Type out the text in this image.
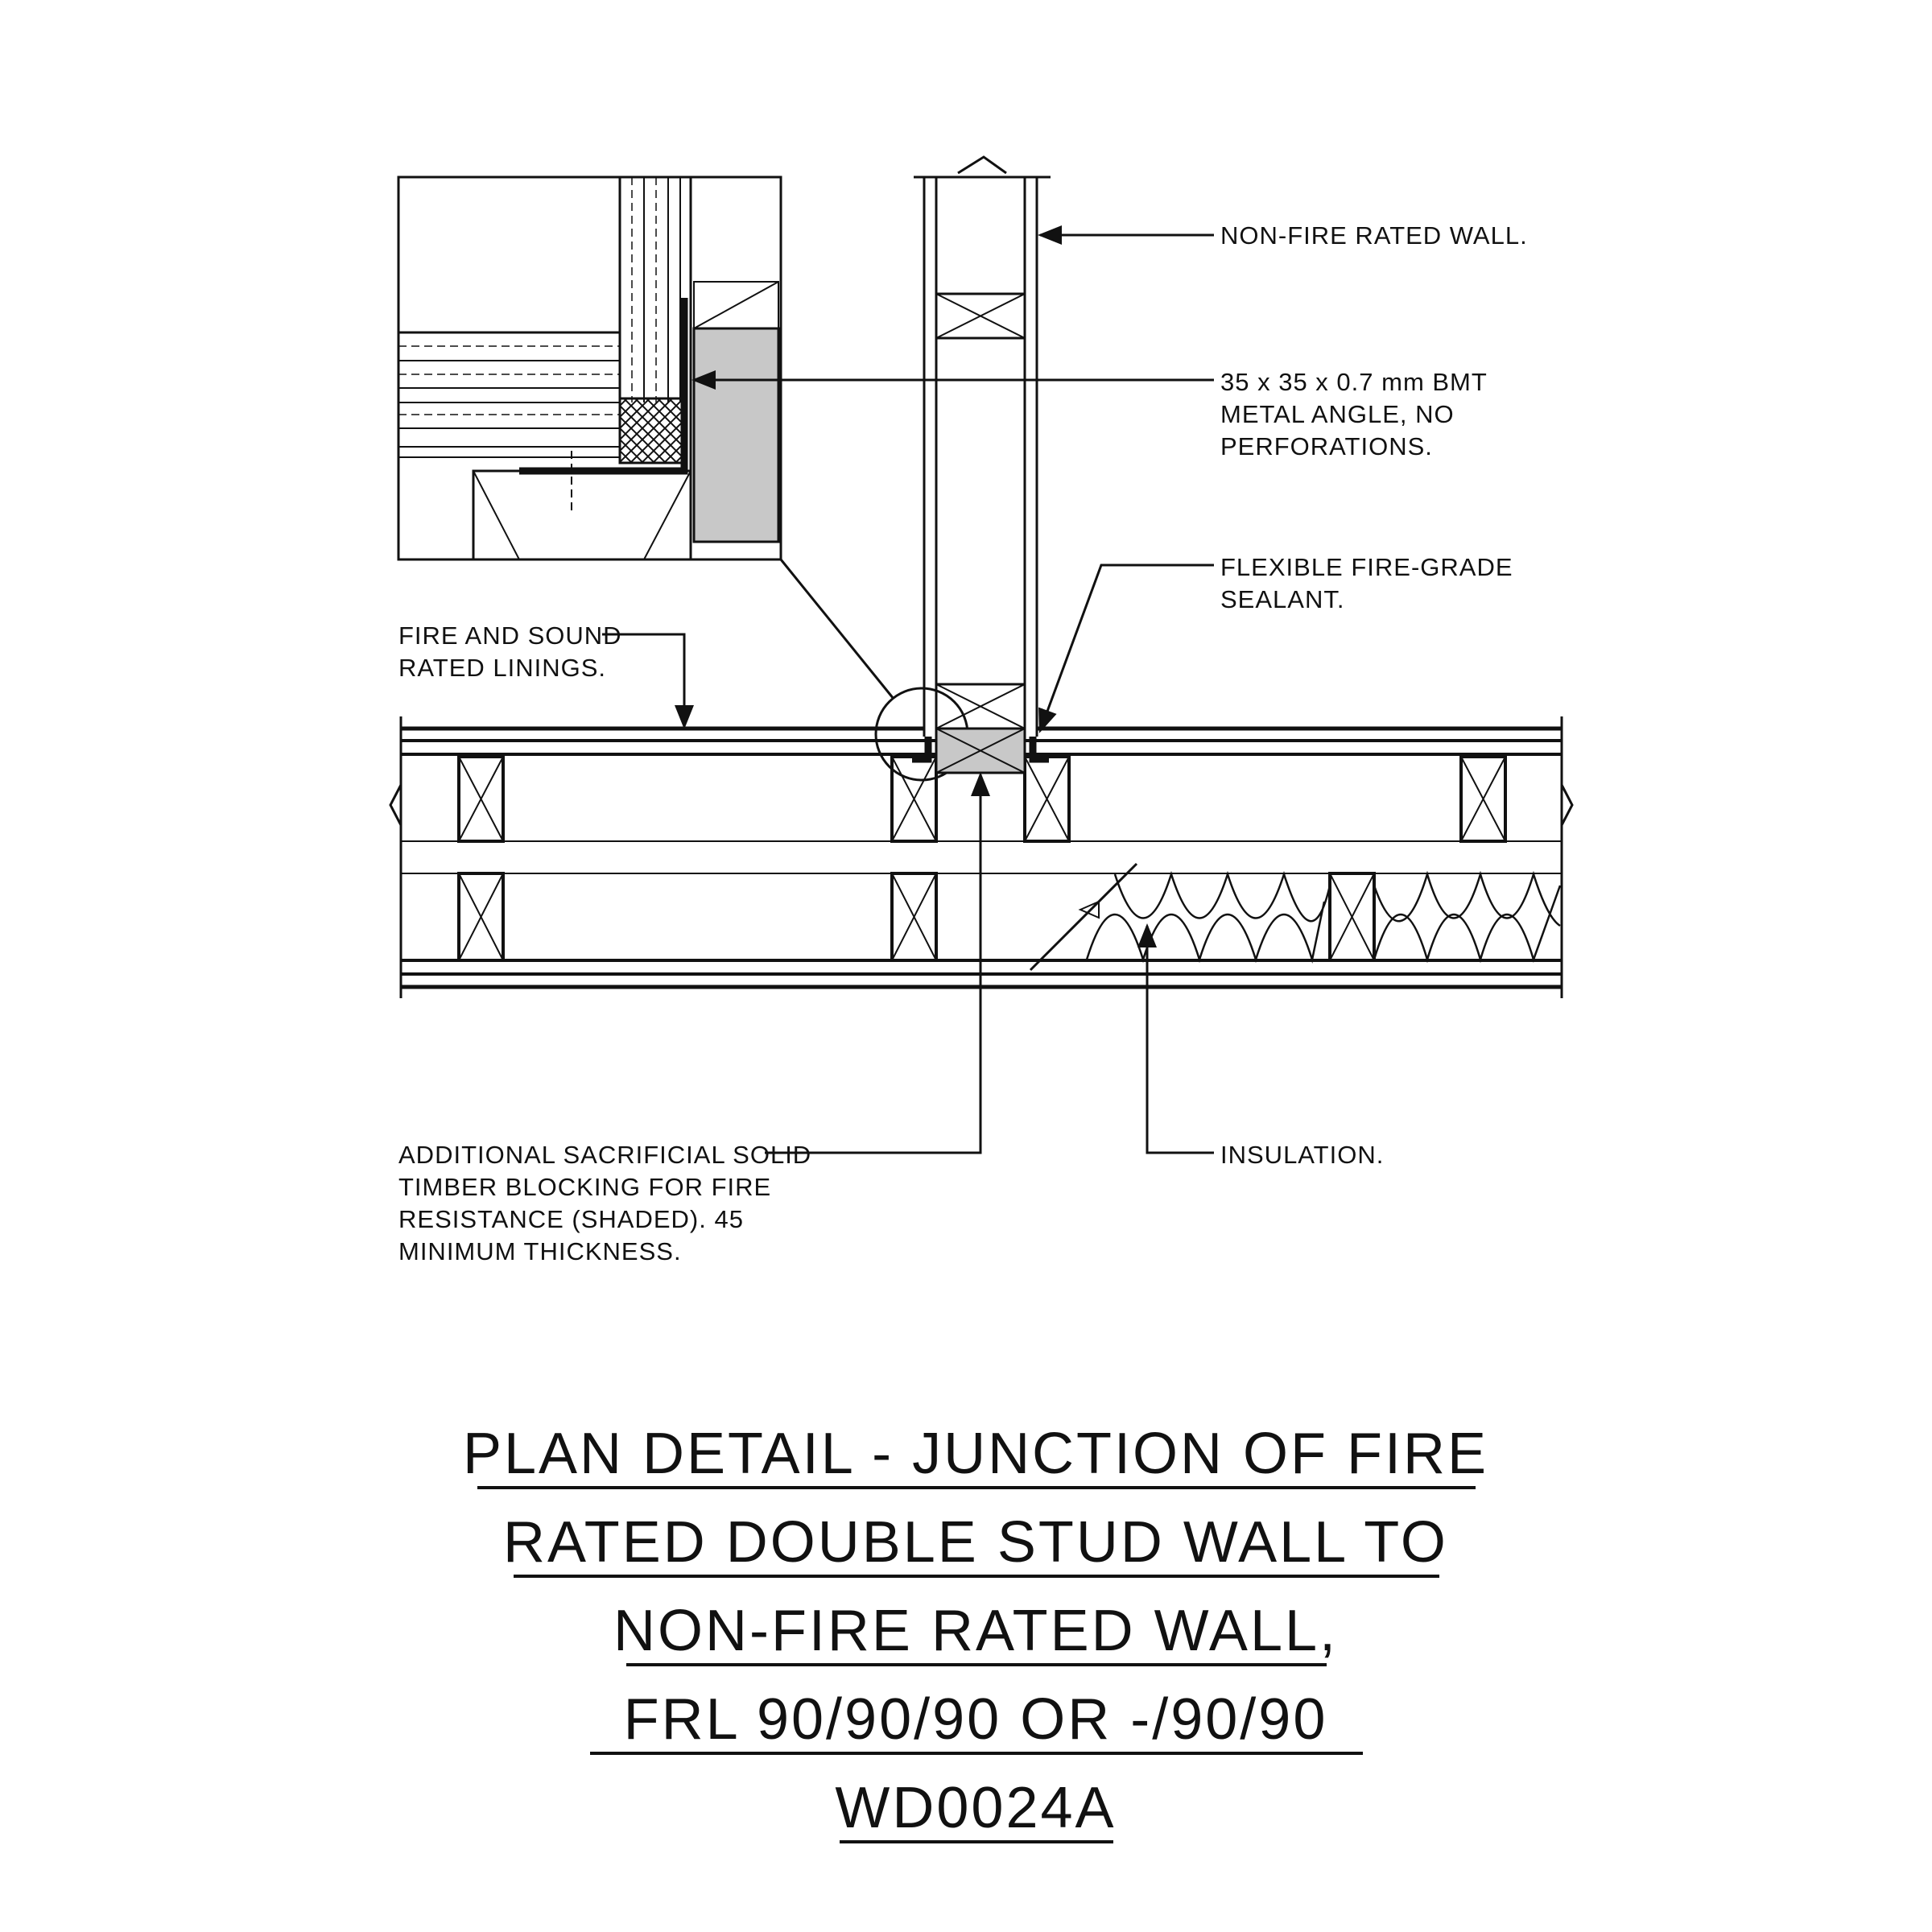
NON-FIRE RATED WALL.
35 x 35 x 0.7 mm BMT METAL ANGLE, NO PERFORATIONS.
FLEXIBLE FIRE-GRADE SEALANT.
FIRE AND SOUND RATED LININGS.
ADDITIONAL SACRIFICIAL SOLID TIMBER BLOCKING FOR FIRE RESISTANCE (SHADED). 45 MINIMUM THICKNESS.
INSULATION.
PLAN DETAIL - JUNCTION OF FIRE
RATED DOUBLE STUD WALL TO
NON-FIRE RATED WALL,
FRL 90/90/90 OR -/90/90
WD0024A
